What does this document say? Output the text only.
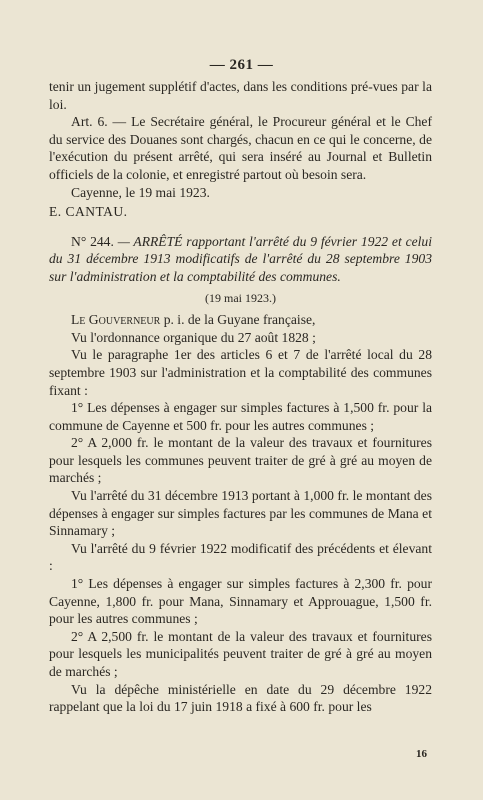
— 261 —

tenir un jugement supplétif d'actes, dans les conditions pré-vues par la loi.

Art. 6. — Le Secrétaire général, le Procureur général et le Chef du service des Douanes sont chargés, chacun en ce qui le concerne, de l'exécution du présent arrêté, qui sera inséré au Journal et Bulletin officiels de la colonie, et enregistré partout où besoin sera.

Cayenne, le 19 mai 1923.

E. CANTAU.

N° 244. — ARRÊTÉ rapportant l'arrêté du 9 février 1922 et celui du 31 décembre 1913 modificatifs de l'arrêté du 28 septembre 1903 sur l'administration et la comptabilité des communes.

(19 mai 1923.)

Le Gouverneur p. i. de la Guyane française,

Vu l'ordonnance organique du 27 août 1828 ;

Vu le paragraphe 1er des articles 6 et 7 de l'arrêté local du 28 septembre 1903 sur l'administration et la comptabilité des communes fixant :

1° Les dépenses à engager sur simples factures à 1,500 fr. pour la commune de Cayenne et 500 fr. pour les autres communes ;

2° A 2,000 fr. le montant de la valeur des travaux et fournitures pour lesquels les communes peuvent traiter de gré à gré au moyen de marchés ;

Vu l'arrêté du 31 décembre 1913 portant à 1,000 fr. le montant des dépenses à engager sur simples factures par les communes de Mana et Sinnamary ;

Vu l'arrêté du 9 février 1922 modificatif des précédents et élevant :

1° Les dépenses à engager sur simples factures à 2,300 fr. pour Cayenne, 1,800 fr. pour Mana, Sinnamary et Approuague, 1,500 fr. pour les autres communes ;

2° A 2,500 fr. le montant de la valeur des travaux et fournitures pour lesquels les municipalités peuvent traiter de gré à gré au moyen de marchés ;

Vu la dépêche ministérielle en date du 29 décembre 1922 rappelant que la loi du 17 juin 1918 a fixé à 600 fr. pour les

16
